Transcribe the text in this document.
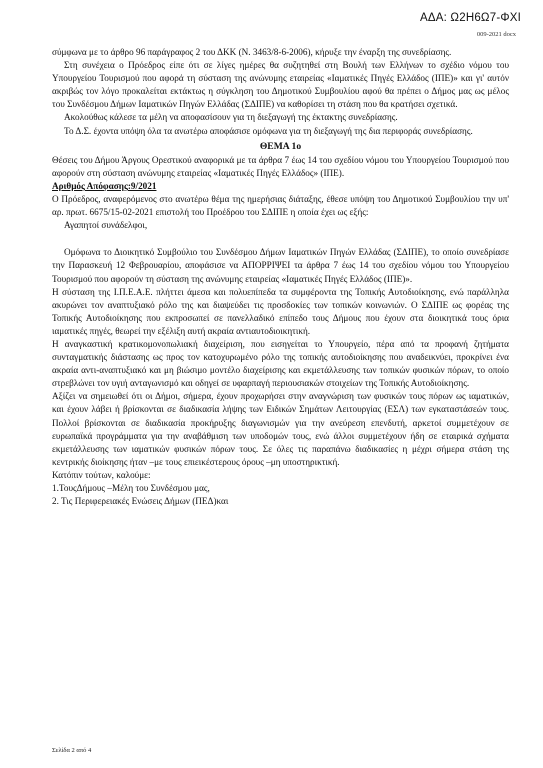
ΑΔΑ: Ω2Η6Ω7-ΦΧΙ
009-2021 docx

σύμφωνα με το άρθρο 96 παράγραφος 2 του ΔΚΚ (Ν. 3463/8-6-2006), κήρυξε την έναρξη της συνεδρίασης.

Στη συνέχεια ο Πρόεδρος είπε ότι σε λίγες ημέρες θα συζητηθεί στη Βουλή των Ελλήνων το σχέδιο νόμου του Υπουργείου Τουρισμού που αφορά τη σύσταση της ανώνυμης εταιρείας «Ιαματικές Πηγές Ελλάδος (ΙΠΕ)» και γι' αυτόν ακριβώς τον λόγο προκαλείται εκτάκτως η σύγκληση του Δημοτικού Συμβουλίου αφού θα πρέπει ο Δήμος μας ως μέλος του Συνδέσμου Δήμων Ιαματικών Πηγών Ελλάδας (ΣΔΙΠΕ) να καθορίσει τη στάση που θα κρατήσει σχετικά.

Ακολούθως κάλεσε τα μέλη να αποφασίσουν για τη διεξαγωγή της έκτακτης συνεδρίασης.

Το Δ.Σ. έχοντα υπόψη όλα τα ανωτέρω αποφάσισε ομόφωνα για τη διεξαγωγή της δια περιφοράς συνεδρίασης.

ΘΕΜΑ 1ο

Θέσεις του Δήμου Άργους Ορεστικού αναφορικά με τα άρθρα 7 έως 14 του σχεδίου νόμου του Υπουργείου Τουρισμού που αφορούν στη σύσταση ανώνυμης εταιρείας «Ιαματικές Πηγές Ελλάδος» (ΙΠΕ).

Αριθμός Απόφασης:9/2021

Ο Πρόεδρος, αναφερόμενος στο ανωτέρω θέμα της ημερήσιας διάταξης, έθεσε υπόψη του Δημοτικού Συμβουλίου την υπ' αρ. πρωτ. 6675/15-02-2021 επιστολή του Προέδρου του ΣΔΙΠΕ η οποία έχει ως εξής:

Αγαπητοί συνάδελφοι,

Ομόφωνα το Διοικητικό Συμβούλιο του Συνδέσμου Δήμων Ιαματικών Πηγών Ελλάδας (ΣΔΙΠΕ), το οποίο συνεδρίασε την Παρασκευή 12 Φεβρουαρίου, αποφάσισε να ΑΠΟΡΡΙΨΕΙ τα άρθρα 7 έως 14 του σχεδίου νόμου του Υπουργείου Τουρισμού που αφορούν τη σύσταση της ανώνυμης εταιρείας «Ιαματικές Πηγές Ελλάδος (ΙΠΕ)».

Η σύσταση της Ι.Π.Ε.Α.Ε. πλήττει άμεσα και πολυεπίπεδα τα συμφέροντα της Τοπικής Αυτοδιοίκησης, ενώ παράλληλα ακυρώνει τον αναπτυξιακό ρόλο της και διαψεύδει τις προσδοκίες των τοπικών κοινωνιών. Ο ΣΔΙΠΕ ως φορέας της Τοπικής Αυτοδιοίκησης που εκπροσωπεί σε πανελλαδικό επίπεδο τους Δήμους που έχουν στα διοικητικά τους όρια ιαματικές πηγές, θεωρεί την εξέλιξη αυτή ακραία αντιαυτοδιοικητική.

Η αναγκαστική κρατικομονοπωλιακή διαχείριση, που εισηγείται το Υπουργείο, πέρα από τα προφανή ζητήματα συνταγματικής διάστασης ως προς τον κατοχυρωμένο ρόλο της τοπικής αυτοδιοίκησης που αναδεικνύει, προκρίνει ένα ακραία αντι-αναπτυξιακό και μη βιώσιμο μοντέλο διαχείρισης και εκμετάλλευσης των τοπικών φυσικών πόρων, το οποίο στρεβλώνει τον υγιή ανταγωνισμό και οδηγεί σε υφαρπαγή περιουσιακών στοιχείων της Τοπικής Αυτοδιοίκησης.

Αξίζει να σημειωθεί ότι οι Δήμοι, σήμερα, έχουν προχωρήσει στην αναγνώριση των φυσικών τους πόρων ως ιαματικών, και έχουν λάβει ή βρίσκονται σε διαδικασία λήψης των Ειδικών Σημάτων Λειτουργίας (ΕΣΛ) των εγκαταστάσεών τους. Πολλοί βρίσκονται σε διαδικασία προκήρυξης διαγωνισμών για την ανεύρεση επενδυτή, αρκετοί συμμετέχουν σε ευρωπαϊκά προγράμματα για την αναβάθμιση των υποδομών τους, ενώ άλλοι συμμετέχουν ήδη σε εταιρικά σχήματα εκμετάλλευσης των ιαματικών φυσικών πόρων τους. Σε όλες τις παραπάνω διαδικασίες η μέχρι σήμερα στάση της κεντρικής διοίκησης ήταν –με τους επιεικέστερους όρους –μη υποστηρικτική.

Κατόπιν τούτων, καλούμε:

1.ΤουςΔήμους –Μέλη του Συνδέσμου μας,

2. Τις Περιφερειακές Ενώσεις Δήμων (ΠΕΔ)και

Σελίδα 2 από 4
